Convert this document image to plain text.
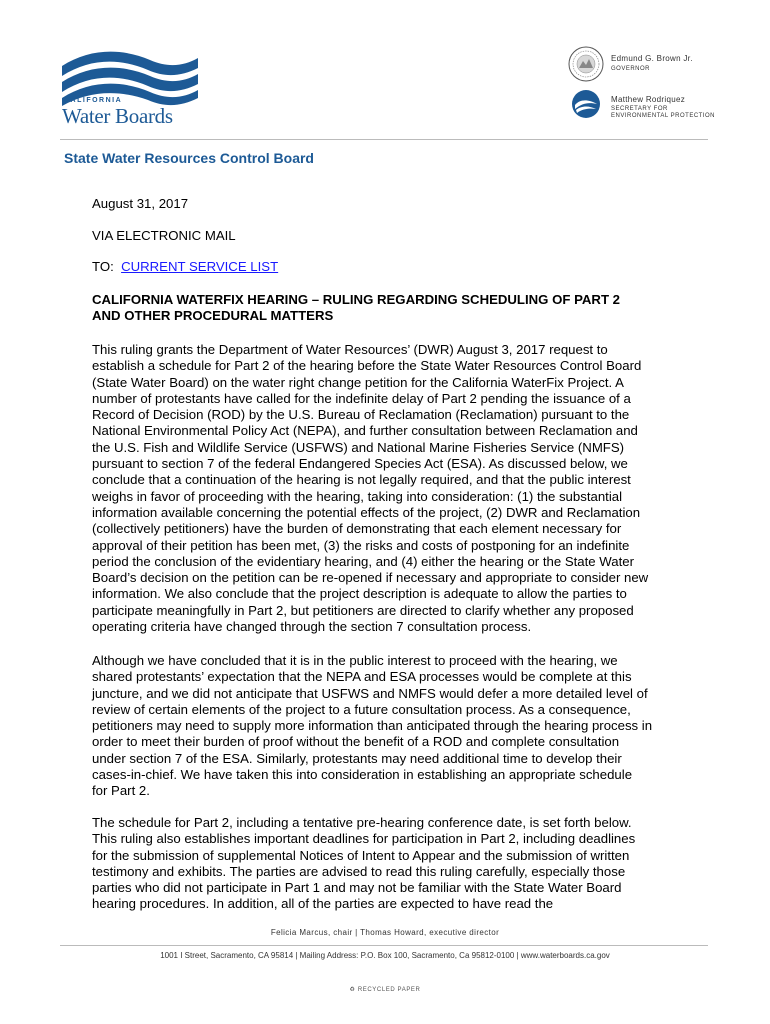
CALIFORNIA
Water Boards
Edmund G. Brown Jr.
GOVERNOR
Matthew Rodriquez
SECRETARY FOR
ENVIRONMENTAL PROTECTION
State Water Resources Control Board
August 31, 2017
VIA ELECTRONIC MAIL
TO: CURRENT SERVICE LIST
CALIFORNIA WATERFIX HEARING – RULING REGARDING SCHEDULING OF PART 2
AND OTHER PROCEDURAL MATTERS
This ruling grants the Department of Water Resources’ (DWR) August 3, 2017 request to
establish a schedule for Part 2 of the hearing before the State Water Resources Control Board
(State Water Board) on the water right change petition for the California WaterFix Project. A
number of protestants have called for the indefinite delay of Part 2 pending the issuance of a
Record of Decision (ROD) by the U.S. Bureau of Reclamation (Reclamation) pursuant to the
National Environmental Policy Act (NEPA), and further consultation between Reclamation and
the U.S. Fish and Wildlife Service (USFWS) and National Marine Fisheries Service (NMFS)
pursuant to section 7 of the federal Endangered Species Act (ESA). As discussed below, we
conclude that a continuation of the hearing is not legally required, and that the public interest
weighs in favor of proceeding with the hearing, taking into consideration: (1) the substantial
information available concerning the potential effects of the project, (2) DWR and Reclamation
(collectively petitioners) have the burden of demonstrating that each element necessary for
approval of their petition has been met, (3) the risks and costs of postponing for an indefinite
period the conclusion of the evidentiary hearing, and (4) either the hearing or the State Water
Board’s decision on the petition can be re-opened if necessary and appropriate to consider new
information. We also conclude that the project description is adequate to allow the parties to
participate meaningfully in Part 2, but petitioners are directed to clarify whether any proposed
operating criteria have changed through the section 7 consultation process.
Although we have concluded that it is in the public interest to proceed with the hearing, we
shared protestants’ expectation that the NEPA and ESA processes would be complete at this
juncture, and we did not anticipate that USFWS and NMFS would defer a more detailed level of
review of certain elements of the project to a future consultation process. As a consequence,
petitioners may need to supply more information than anticipated through the hearing process in
order to meet their burden of proof without the benefit of a ROD and complete consultation
under section 7 of the ESA. Similarly, protestants may need additional time to develop their
cases-in-chief. We have taken this into consideration in establishing an appropriate schedule
for Part 2.
The schedule for Part 2, including a tentative pre-hearing conference date, is set forth below.
This ruling also establishes important deadlines for participation in Part 2, including deadlines
for the submission of supplemental Notices of Intent to Appear and the submission of written
testimony and exhibits. The parties are advised to read this ruling carefully, especially those
parties who did not participate in Part 1 and may not be familiar with the State Water Board
hearing procedures. In addition, all of the parties are expected to have read the
Felicia Marcus, chair | Thomas Howard, executive director
1001 I Street, Sacramento, CA 95814 | Mailing Address: P.O. Box 100, Sacramento, Ca 95812-0100 | www.waterboards.ca.gov
♻ RECYCLED PAPER
